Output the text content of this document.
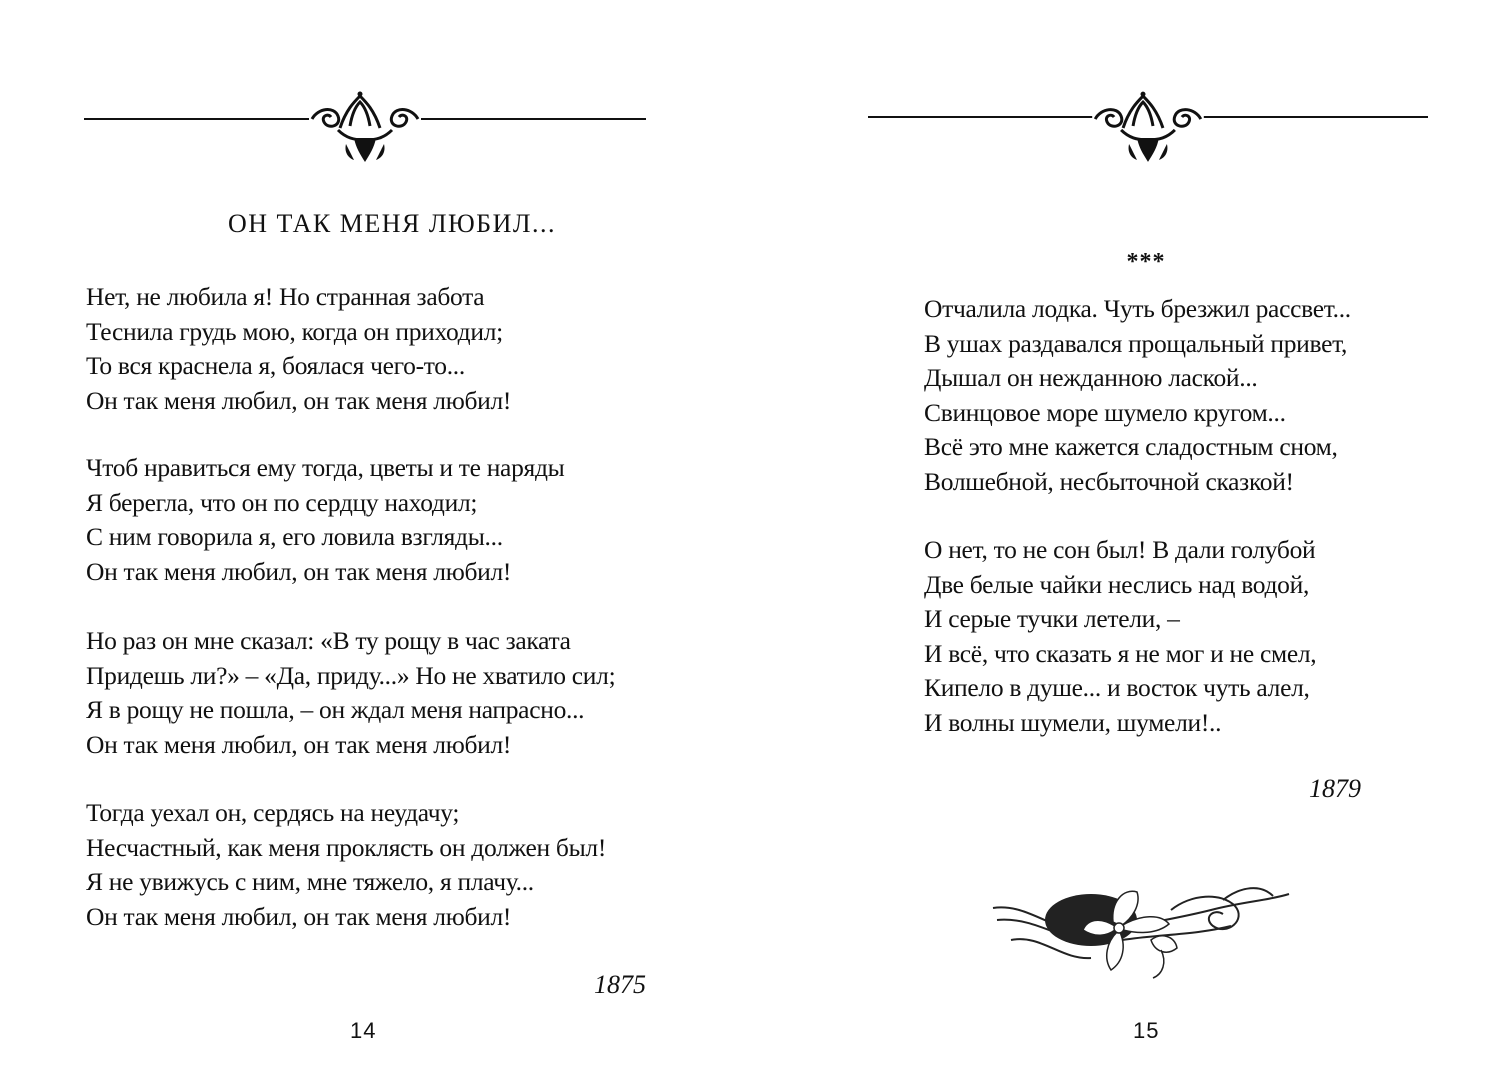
ОН ТАК МЕНЯ ЛЮБИЛ...
Нет, не любила я! Но странная забота
Теснила грудь мою, когда он приходил;
То вся краснела я, боялася чего-то...
Он так меня любил, он так меня любил!
Чтоб нравиться ему тогда, цветы и те наряды
Я берегла, что он по сердцу находил;
С ним говорила я, его ловила взгляды...
Он так меня любил, он так меня любил!
Но раз он мне сказал: «В ту рощу в час заката
Придешь ли?» – «Да, приду...» Но не хватило сил;
Я в рощу не пошла, – он ждал меня напрасно...
Он так меня любил, он так меня любил!
Тогда уехал он, сердясь на неудачу;
Несчастный, как меня проклясть он должен был!
Я не увижусь с ним, мне тяжело, я плачу...
Он так меня любил, он так меня любил!
1875
14
***
Отчалила лодка. Чуть брезжил рассвет...
В ушах раздавался прощальный привет,
Дышал он нежданною лаской...
Свинцовое море шумело кругом...
Всё это мне кажется сладостным сном,
Волшебной, несбыточной сказкой!
О нет, то не сон был! В дали голубой
Две белые чайки неслись над водой,
И серые тучки летели, –
И всё, что сказать я не мог и не смел,
Кипело в душе... и восток чуть алел,
И волны шумели, шумели!..
1879
15
